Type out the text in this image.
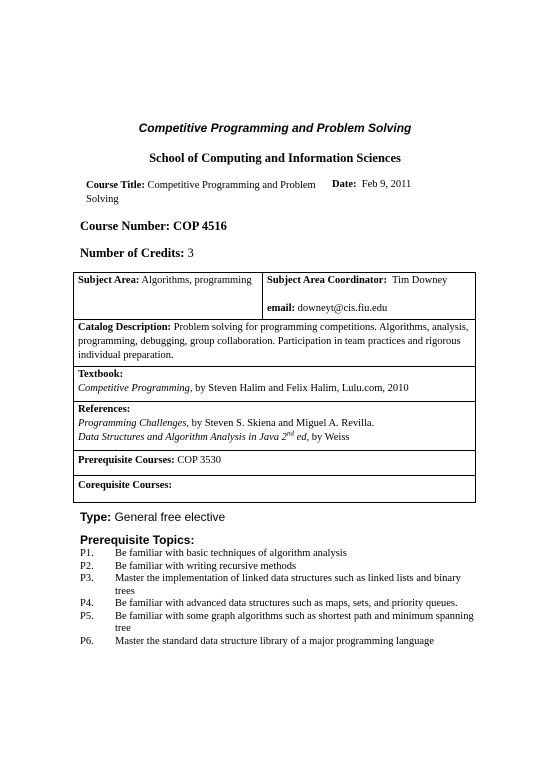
Competitive Programming and Problem Solving
School of Computing and Information Sciences
Course Title: Competitive Programming and Problem Solving
Date: Feb 9, 2011
Course Number: COP 4516
Number of Credits: 3
Subject Area: Algorithms, programming	Subject Area Coordinator: Tim Downey

email: downeyt@cis.fiu.edu
Catalog Description: Problem solving for programming competitions. Algorithms, analysis, programming, debugging, group collaboration. Participation in team practices and rigorous individual preparation.
Textbook:
Competitive Programming, by Steven Halim and Felix Halim, Lulu.com, 2010
References:
Programming Challenges, by Steven S. Skiena and Miguel A. Revilla.
Data Structures and Algorithm Analysis in Java 2nd ed, by Weiss
Prerequisite Courses: COP 3530
Corequisite Courses:
Type: General free elective
Prerequisite Topics:
P1. Be familiar with basic techniques of algorithm analysis
P2. Be familiar with writing recursive methods
P3. Master the implementation of linked data structures such as linked lists and binary trees
P4. Be familiar with advanced data structures such as maps, sets, and priority queues.
P5. Be familiar with some graph algorithms such as shortest path and minimum spanning tree
P6. Master the standard data structure library of a major programming language
